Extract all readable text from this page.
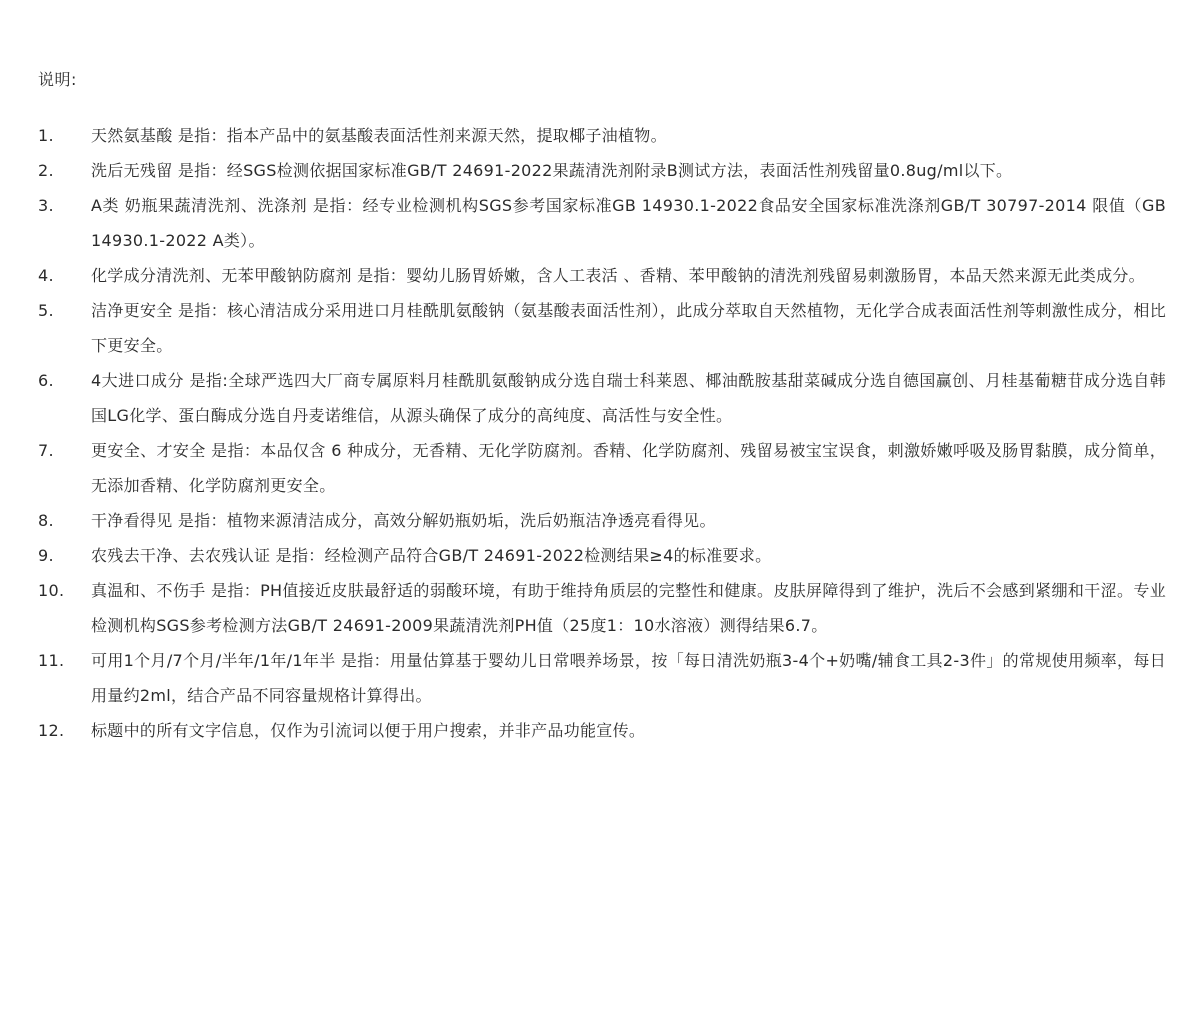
说明:
1.	天然氨基酸 是指：指本产品中的氨基酸表面活性剂来源天然，提取椰子油植物。
2.	洗后无残留 是指：经SGS检测依据国家标准GB/T 24691-2022果蔬清洗剂附录B测试方法，表面活性剂残留量0.8ug/ml以下。
3.	A类 奶瓶果蔬清洗剂、洗涤剂 是指：经专业检测机构SGS参考国家标准GB 14930.1-2022食品安全国家标准洗涤剂GB/T 30797-2014 限值（GB 14930.1-2022 A类）。
4.	化学成分清洗剂、无苯甲酸钠防腐剂 是指：婴幼儿肠胃娇嫩，含人工表活 、香精、苯甲酸钠的清洗剂残留易刺激肠胃，本品天然来源无此类成分。
5.	洁净更安全 是指：核心清洁成分采用进口月桂酰肌氨酸钠（氨基酸表面活性剂），此成分萃取自天然植物，无化学合成表面活性剂等刺激性成分，相比下更安全。
6.	4大进口成分 是指:全球严选四大厂商专属原料月桂酰肌氨酸钠成分选自瑞士科莱恩、椰油酰胺基甜菜碱成分选自德国赢创、月桂基葡糖苷成分选自韩国LG化学、蛋白酶成分选自丹麦诺维信，从源头确保了成分的高纯度、高活性与安全性。
7.	更安全、才安全 是指：本品仅含 6 种成分，无香精、无化学防腐剂。香精、化学防腐剂、残留易被宝宝误食，刺激娇嫩呼吸及肠胃黏膜，成分简单，无添加香精、化学防腐剂更安全。
8.	干净看得见 是指：植物来源清洁成分，高效分解奶瓶奶垢，洗后奶瓶洁净透亮看得见。
9.	农残去干净、去农残认证 是指：经检测产品符合GB/T 24691-2022检测结果≥4的标准要求。
10.	真温和、不伤手 是指：PH值接近皮肤最舒适的弱酸环境，有助于维持角质层的完整性和健康。皮肤屏障得到了维护，洗后不会感到紧绷和干涩。专业检测机构SGS参考检测方法GB/T 24691-2009果蔬清洗剂PH值（25度1：10水溶液）测得结果6.7。
11.	可用1个月/7个月/半年/1年/1年半 是指：用量估算基于婴幼儿日常喂养场景，按「每日清洗奶瓶3-4个+奶嘴/辅食工具2-3件」的常规使用频率，每日用量约2ml，结合产品不同容量规格计算得出。
12.	标题中的所有文字信息，仅作为引流词以便于用户搜索，并非产品功能宣传。
